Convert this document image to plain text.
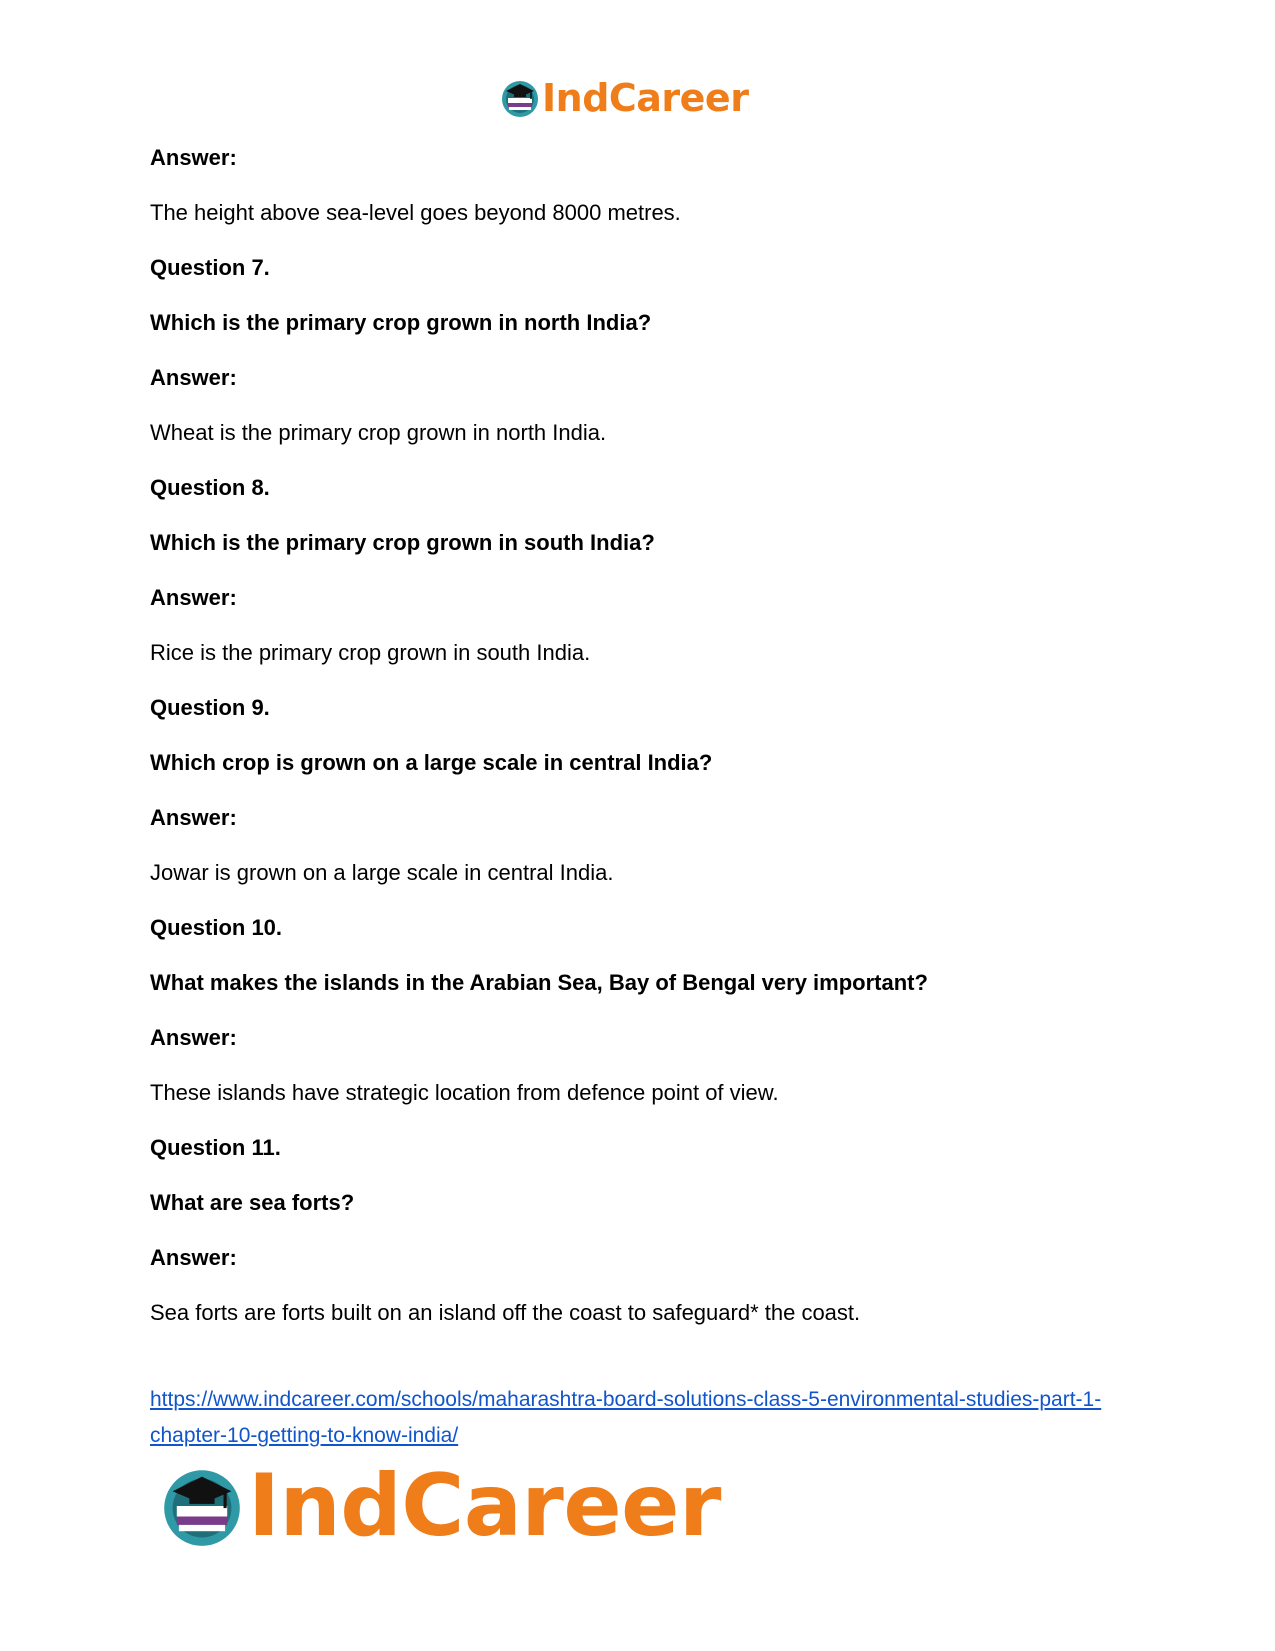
IndCareer
Answer:
The height above sea-level goes beyond 8000 metres.
Question 7.
Which is the primary crop grown in north India?
Answer:
Wheat is the primary crop grown in north India.
Question 8.
Which is the primary crop grown in south India?
Answer:
Rice is the primary crop grown in south India.
Question 9.
Which crop is grown on a large scale in central India?
Answer:
Jowar is grown on a large scale in central India.
Question 10.
What makes the islands in the Arabian Sea, Bay of Bengal very important?
Answer:
These islands have strategic location from defence point of view.
Question 11.
What are sea forts?
Answer:
Sea forts are forts built on an island off the coast to safeguard* the coast.
https://www.indcareer.com/schools/maharashtra-board-solutions-class-5-environmental-studies-part-1-chapter-10-getting-to-know-india/
IndCareer
